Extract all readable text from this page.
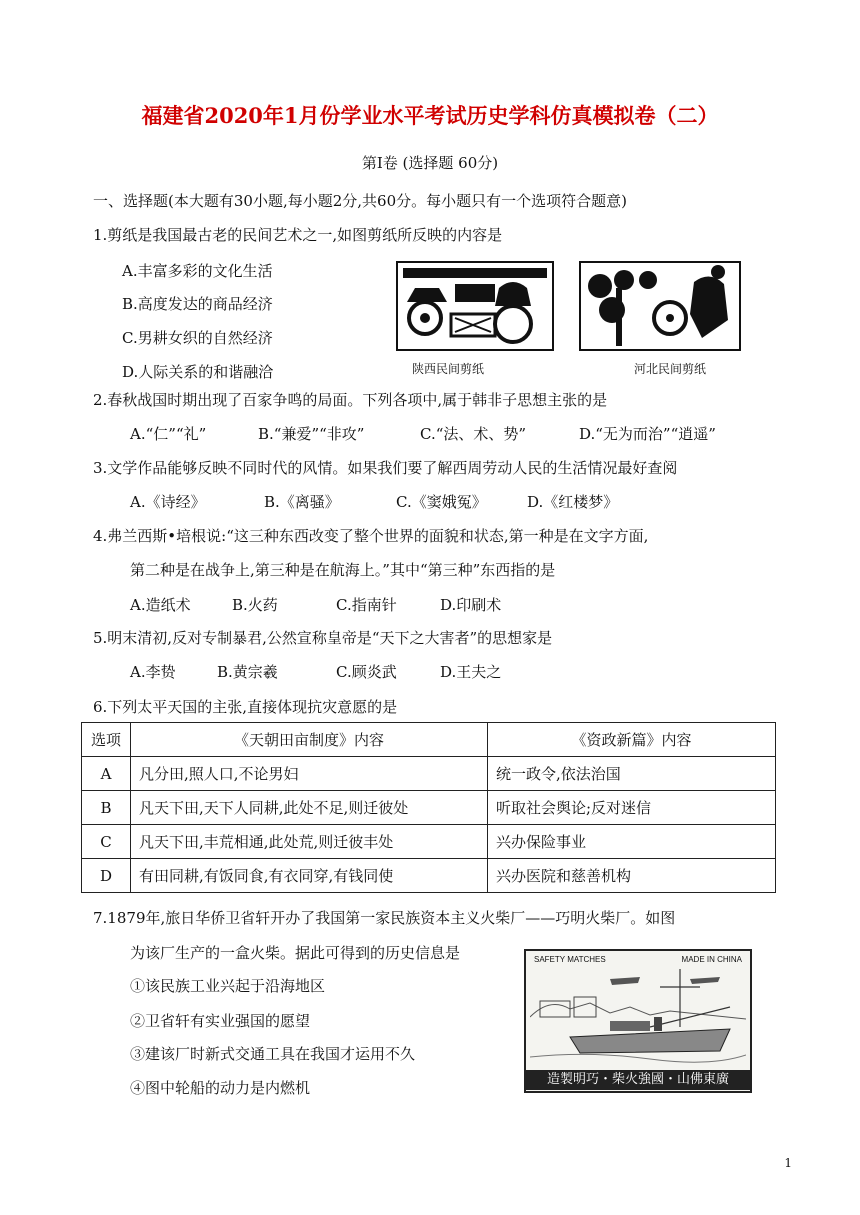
福建省2020年1月份学业水平考试历史学科仿真模拟卷（二）
第Ⅰ卷 (选择题 60分)
一、选择题(本大题有30小题,每小题2分,共60分。每小题只有一个选项符合题意)
1.剪纸是我国最古老的民间艺术之一,如图剪纸所反映的内容是
A.丰富多彩的文化生活
B.高度发达的商品经济
C.男耕女织的自然经济
D.人际关系的和谐融洽	陕西民间剪纸	河北民间剪纸
2.春秋战国时期出现了百家争鸣的局面。下列各项中,属于韩非子思想主张的是
A.“仁”“礼”	B.“兼爱”“非攻”	C.“法、术、势”	D.“无为而治”“逍遥”
3.文学作品能够反映不同时代的风情。如果我们要了解西周劳动人民的生活情况最好查阅
A.《诗经》	B.《离骚》	C.《窦娥冤》	D.《红楼梦》
4.弗兰西斯•培根说:“这三种东西改变了整个世界的面貌和状态,第一种是在文字方面,
第二种是在战争上,第三种是在航海上。”其中“第三种”东西指的是
A.造纸术	B.火药	C.指南针	D.印刷术
5.明末清初,反对专制暴君,公然宣称皇帝是“天下之大害者”的思想家是
A.李贽	B.黄宗羲	C.顾炎武	D.王夫之
6.下列太平天国的主张,直接体现抗灾意愿的是
选项	《天朝田亩制度》内容	《资政新篇》内容
A	凡分田,照人口,不论男妇	统一政令,依法治国
B	凡天下田,天下人同耕,此处不足,则迁彼处	听取社会舆论;反对迷信
C	凡天下田,丰荒相通,此处荒,则迁彼丰处	兴办保险事业
D	有田同耕,有饭同食,有衣同穿,有钱同使	兴办医院和慈善机构
7.1879年,旅日华侨卫省轩开办了我国第一家民族资本主义火柴厂——巧明火柴厂。如图
为该厂生产的一盒火柴。据此可得到的历史信息是
①该民族工业兴起于沿海地区
②卫省轩有实业强国的愿望
③建该厂时新式交通工具在我国才运用不久
④图中轮船的动力是内燃机
SAFETY MATCHES	MADE IN CHINA
造製明巧・柴火強國・山佛東廣
1
